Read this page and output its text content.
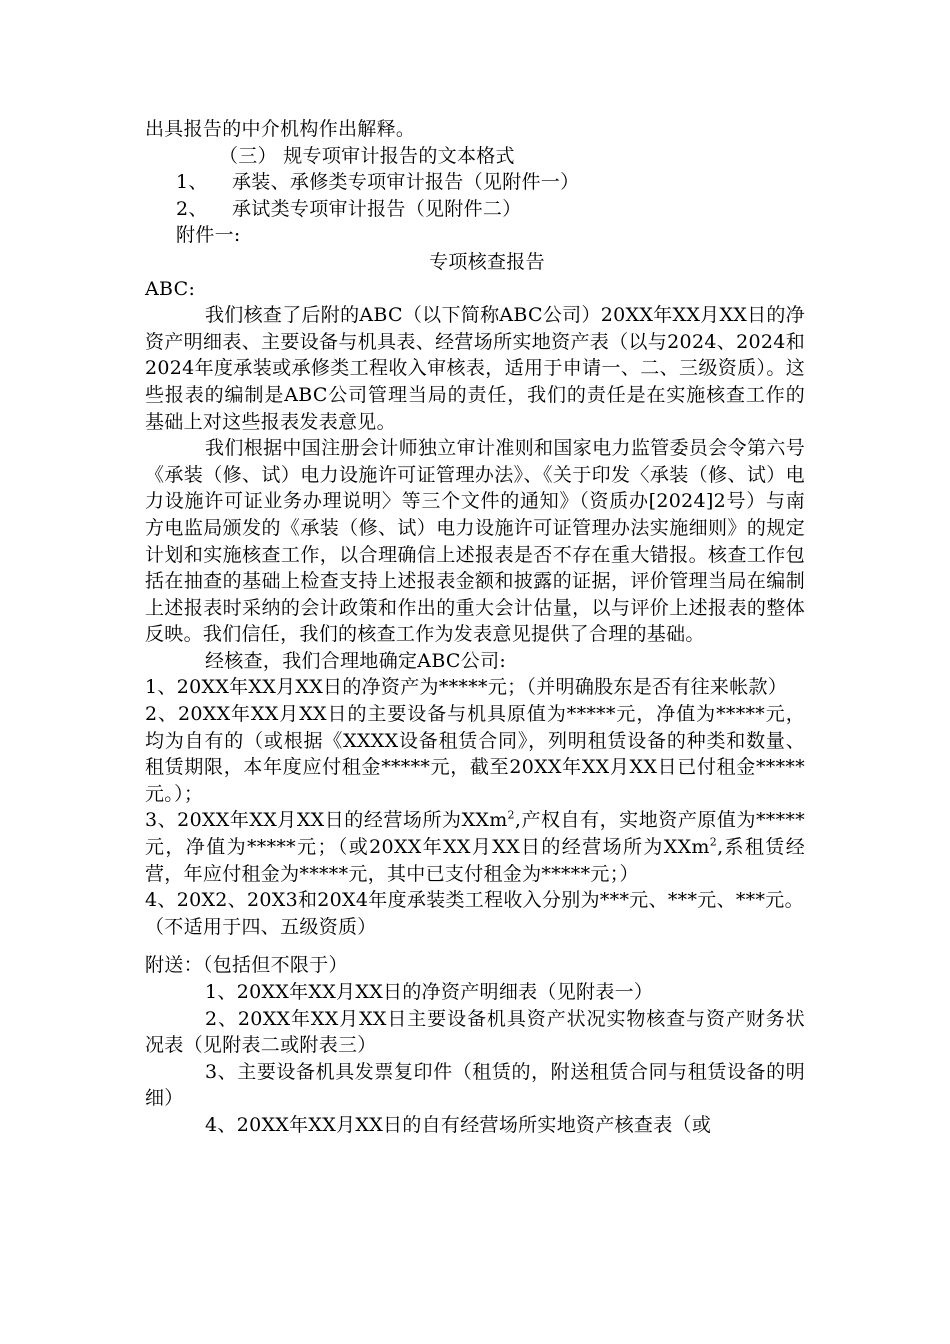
出具报告的中介机构作出解释。
（三） 规专项审计报告的文本格式
1、 承装、承修类专项审计报告（见附件一）
2、 承试类专项审计报告（见附件二）
附件一:
专项核查报告
ABC:
我们核查了后附的ABC（以下简称ABC公司）20XX年XX月XX日的净资产明细表、主要设备与机具表、经营场所实地资产表（以与2024、2024和2024年度承装或承修类工程收入审核表，适用于申请一、二、三级资质）。这些报表的编制是ABC公司管理当局的责任，我们的责任是在实施核查工作的基础上对这些报表发表意见。
我们根据中国注册会计师独立审计准则和国家电力监管委员会令第六号《承装（修、试）电力设施许可证管理办法》、《关于印发〈承装（修、试）电力设施许可证业务办理说明〉等三个文件的通知》（资质办[2024]2号）与南方电监局颁发的《承装（修、试）电力设施许可证管理办法实施细则》的规定计划和实施核查工作，以合理确信上述报表是否不存在重大错报。核查工作包括在抽查的基础上检查支持上述报表金额和披露的证据，评价管理当局在编制上述报表时采纳的会计政策和作出的重大会计估量，以与评价上述报表的整体反映。我们信任，我们的核查工作为发表意见提供了合理的基础。
经核查，我们合理地确定ABC公司:
1、20XX年XX月XX日的净资产为*****元；（并明确股东是否有往来帐款）
2、20XX年XX月XX日的主要设备与机具原值为*****元，净值为*****元，均为自有的（或根据《XXXX设备租赁合同》，列明租赁设备的种类和数量、租赁期限，本年度应付租金*****元，截至20XX年XX月XX日已付租金*****元。）；
3、20XX年XX月XX日的经营场所为XXm$^2$,产权自有，实地资产原值为*****元，净值为*****元；（或20XX年XX月XX日的经营场所为XXm$^2$,系租赁经营，年应付租金为*****元，其中已支付租金为*****元；）
4、20X2、20X3和20X4年度承装类工程收入分别为***元、***元、***元。
（不适用于四、五级资质）
附送：（包括但不限于）
1、20XX年XX月XX日的净资产明细表（见附表一）
2、20XX年XX月XX日主要设备机具资产状况实物核查与资产财务状况表（见附表二或附表三）
3、主要设备机具发票复印件（租赁的，附送租赁合同与租赁设备的明细）
4、20XX年XX月XX日的自有经营场所实地资产核查表（或
